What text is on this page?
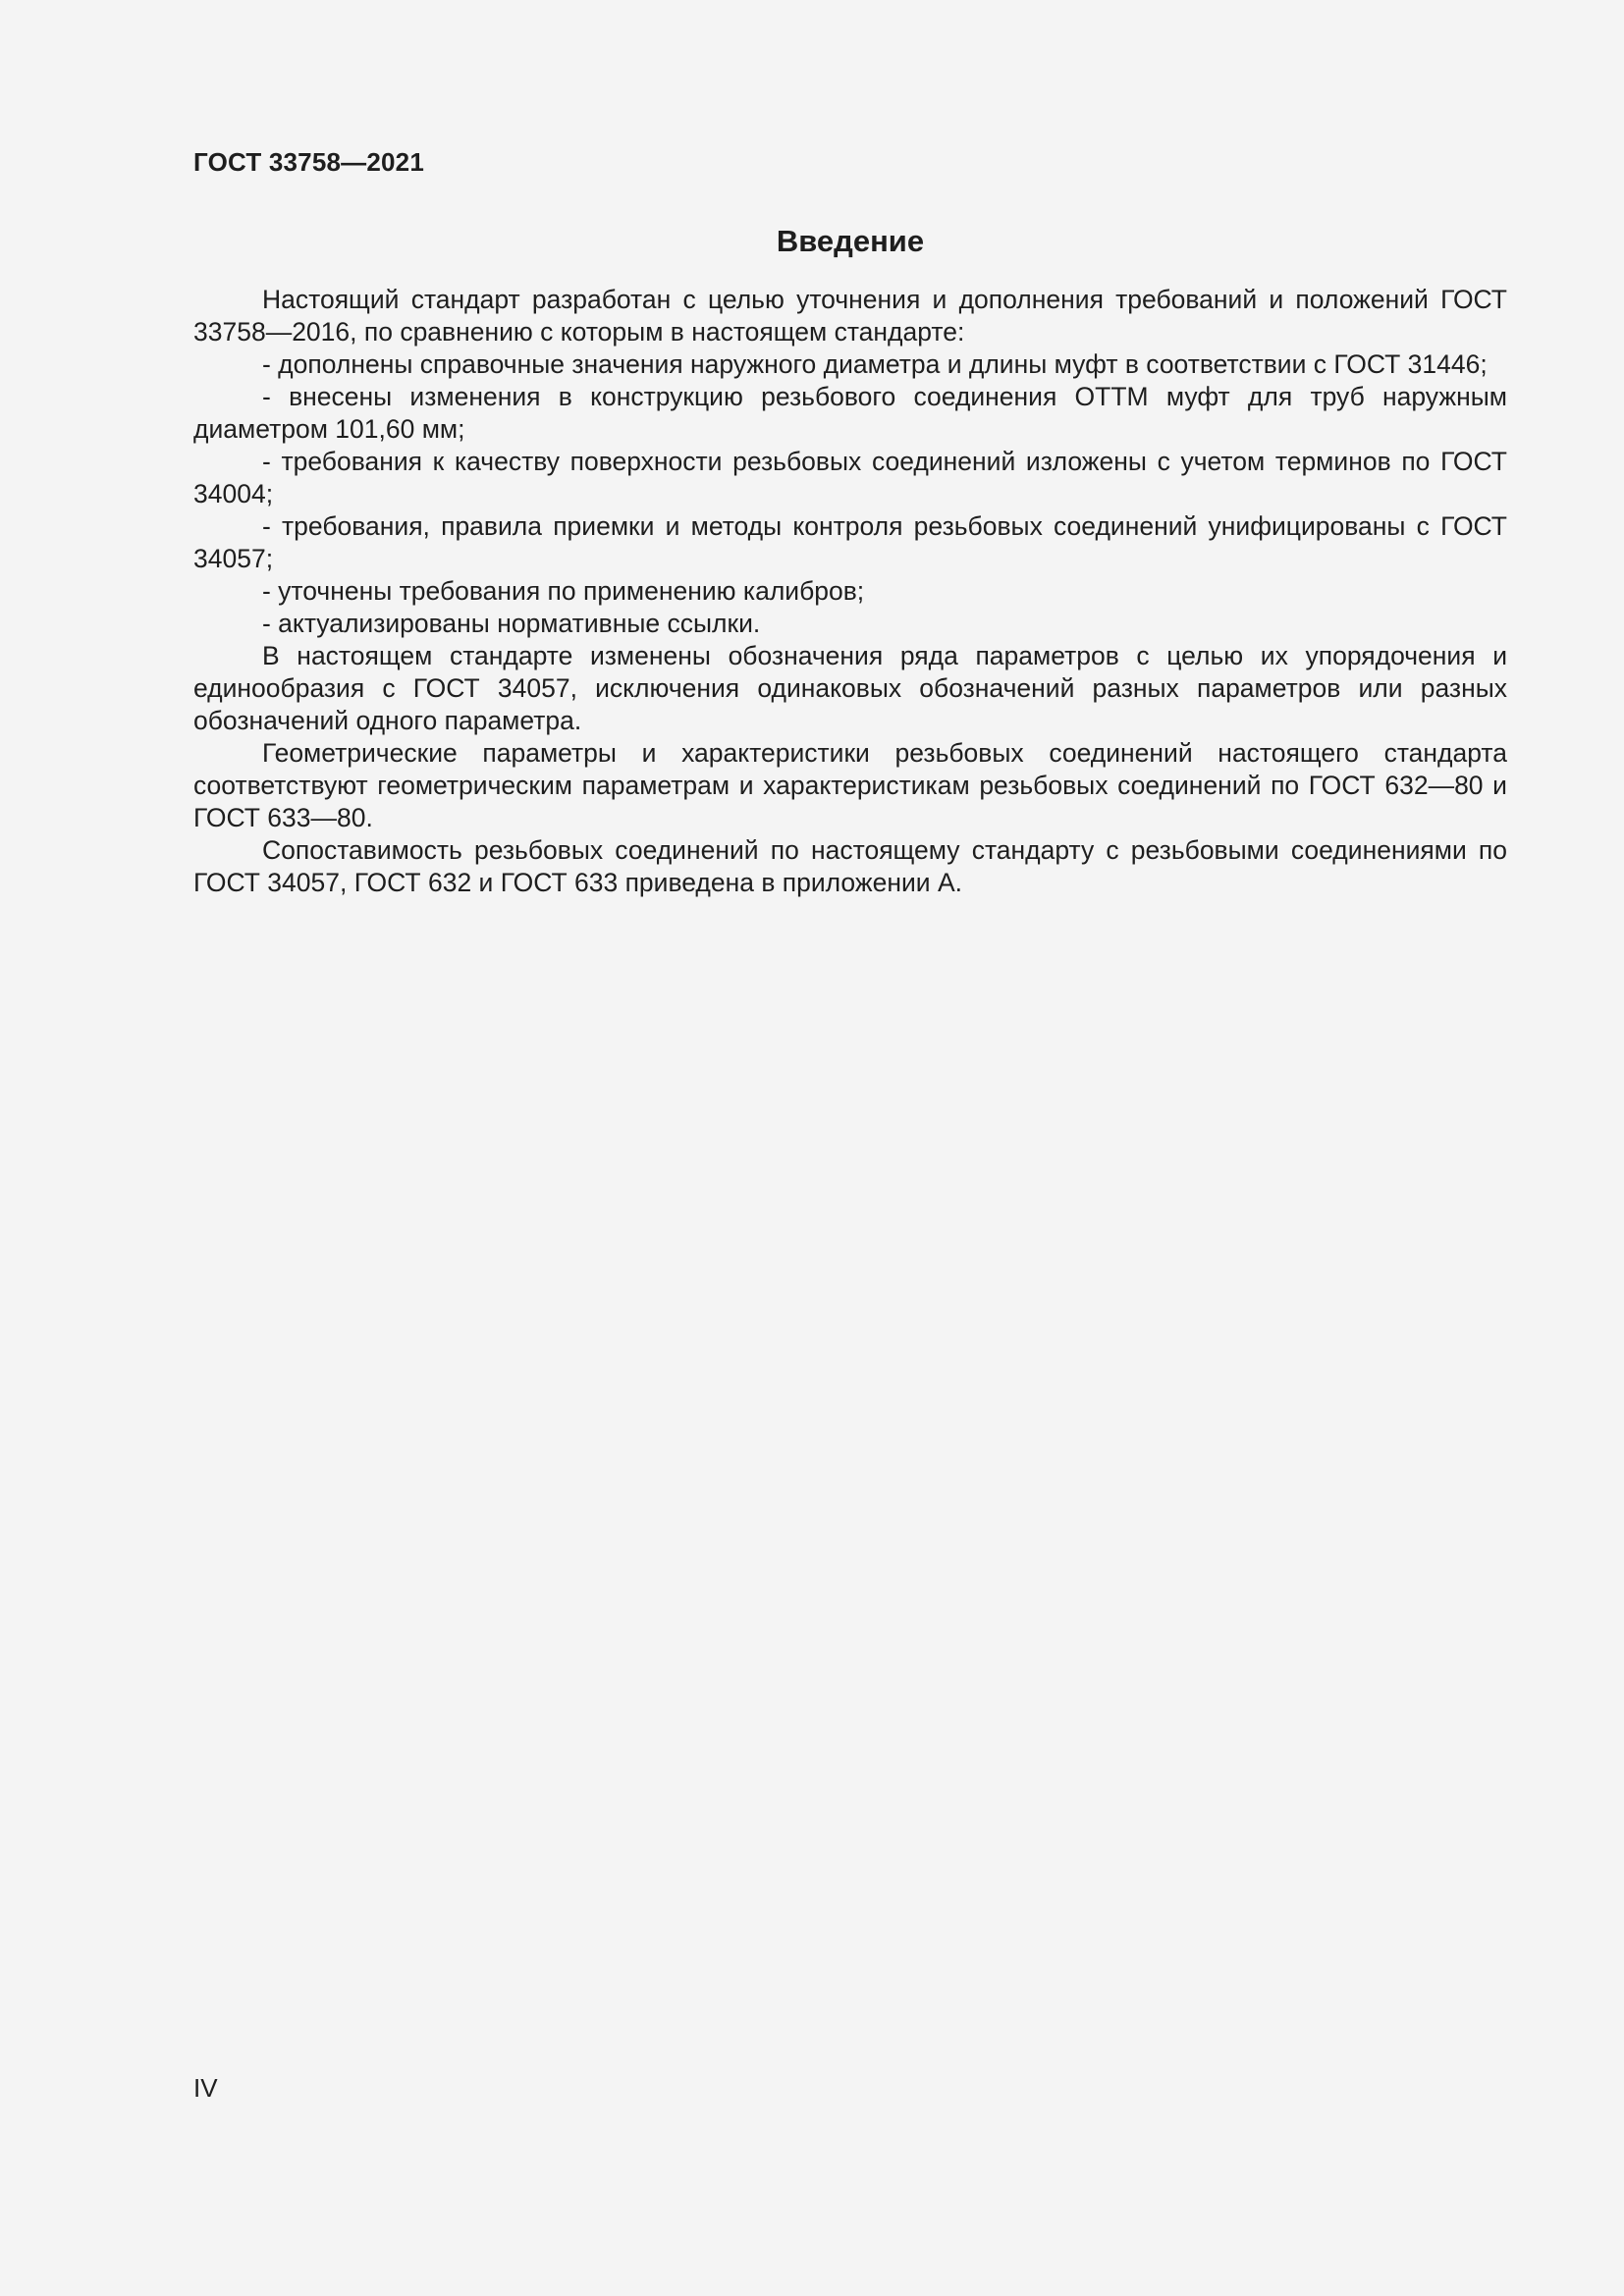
ГОСТ 33758—2021
Введение

Настоящий стандарт разработан с целью уточнения и дополнения требований и положений ГОСТ 33758—2016, по сравнению с которым в настоящем стандарте:

- дополнены справочные значения наружного диаметра и длины муфт в соответствии с ГОСТ 31446;

- внесены изменения в конструкцию резьбового соединения ОТТМ муфт для труб наружным диаметром 101,60 мм;

- требования к качеству поверхности резьбовых соединений изложены с учетом терминов по ГОСТ 34004;

- требования, правила приемки и методы контроля резьбовых соединений унифицированы с ГОСТ 34057;

- уточнены требования по применению калибров;

- актуализированы нормативные ссылки.

В настоящем стандарте изменены обозначения ряда параметров с целью их упорядочения и единообразия с ГОСТ 34057, исключения одинаковых обозначений разных параметров или разных обозначений одного параметра.

Геометрические параметры и характеристики резьбовых соединений настоящего стандарта соответствуют геометрическим параметрам и характеристикам резьбовых соединений по ГОСТ 632—80 и ГОСТ 633—80.

Сопоставимость резьбовых соединений по настоящему стандарту с резьбовыми соединениями по ГОСТ 34057, ГОСТ 632 и ГОСТ 633 приведена в приложении А.

IV
